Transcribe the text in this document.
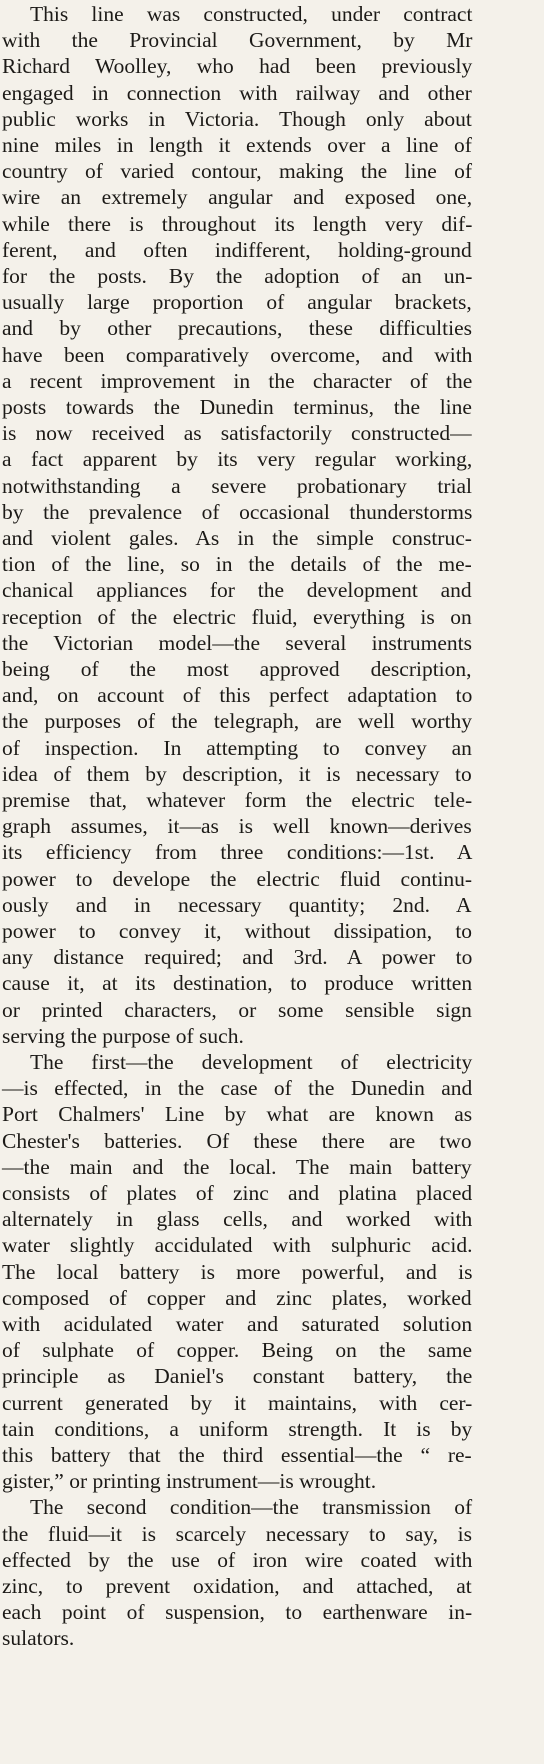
This line was constructed, under contract
with the Provincial Government, by Mr
Richard Woolley, who had been previously
engaged in connection with railway and other
public works in Victoria. Though only about
nine miles in length it extends over a line of
country of varied contour, making the line of
wire an extremely angular and exposed one,
while there is throughout its length very dif-
ferent, and often indifferent, holding-ground
for the posts. By the adoption of an un-
usually large proportion of angular brackets,
and by other precautions, these difficulties
have been comparatively overcome, and with
a recent improvement in the character of the
posts towards the Dunedin terminus, the line
is now received as satisfactorily constructed—
a fact apparent by its very regular working,
notwithstanding a severe probationary trial
by the prevalence of occasional thunderstorms
and violent gales. As in the simple construc-
tion of the line, so in the details of the me-
chanical appliances for the development and
reception of the electric fluid, everything is on
the Victorian model—the several instruments
being of the most approved description,
and, on account of this perfect adaptation to
the purposes of the telegraph, are well worthy
of inspection. In attempting to convey an
idea of them by description, it is necessary to
premise that, whatever form the electric tele-
graph assumes, it—as is well known—derives
its efficiency from three conditions:—1st. A
power to develope the electric fluid continu-
ously and in necessary quantity; 2nd. A
power to convey it, without dissipation, to
any distance required; and 3rd. A power to
cause it, at its destination, to produce written
or printed characters, or some sensible sign
serving the purpose of such.
The first—the development of electricity
—is effected, in the case of the Dunedin and
Port Chalmers' Line by what are known as
Chester's batteries. Of these there are two
—the main and the local. The main battery
consists of plates of zinc and platina placed
alternately in glass cells, and worked with
water slightly accidulated with sulphuric acid.
The local battery is more powerful, and is
composed of copper and zinc plates, worked
with acidulated water and saturated solution
of sulphate of copper. Being on the same
principle as Daniel's constant battery, the
current generated by it maintains, with cer-
tain conditions, a uniform strength. It is by
this battery that the third essential—the “ re-
gister,” or printing instrument—is wrought.
The second condition—the transmission of
the fluid—it is scarcely necessary to say, is
effected by the use of iron wire coated with
zinc, to prevent oxidation, and attached, at
each point of suspension, to earthenware in-
sulators.
